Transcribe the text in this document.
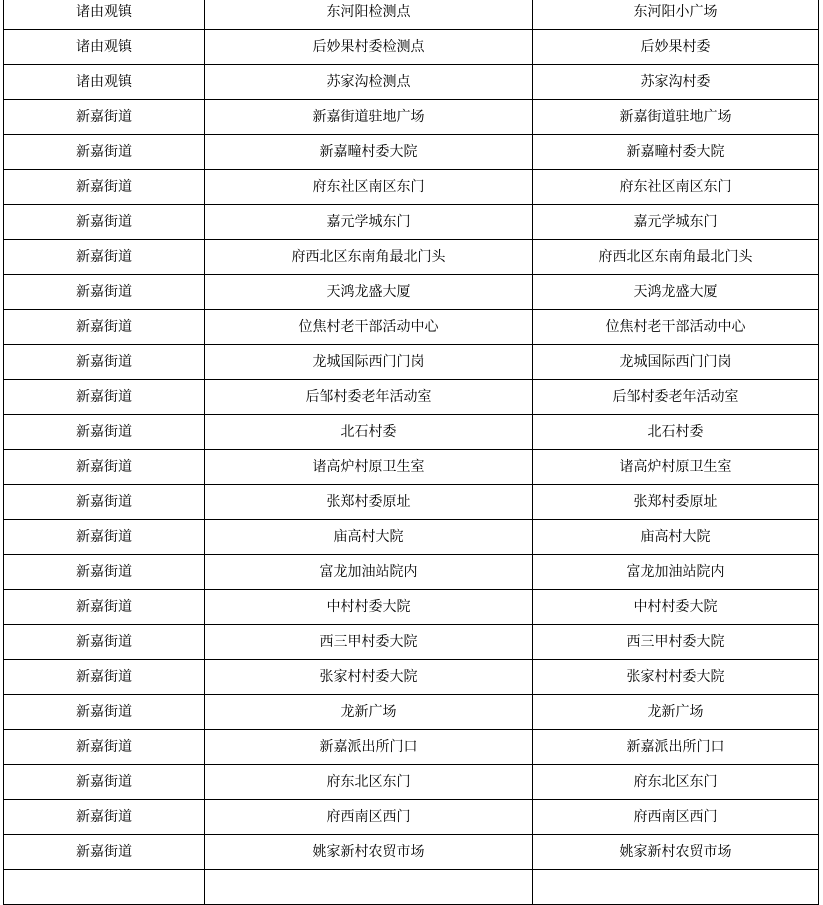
诸由观镇	东河阳检测点	东河阳小广场
诸由观镇	后妙果村委检测点	后妙果村委
诸由观镇	苏家沟检测点	苏家沟村委
新嘉街道	新嘉街道驻地广场	新嘉街道驻地广场
新嘉街道	新嘉疃村委大院	新嘉疃村委大院
新嘉街道	府东社区南区东门	府东社区南区东门
新嘉街道	嘉元学城东门	嘉元学城东门
新嘉街道	府西北区东南角最北门头	府西北区东南角最北门头
新嘉街道	天鸿龙盛大厦	天鸿龙盛大厦
新嘉街道	位焦村老干部活动中心	位焦村老干部活动中心
新嘉街道	龙城国际西门门岗	龙城国际西门门岗
新嘉街道	后邹村委老年活动室	后邹村委老年活动室
新嘉街道	北石村委	北石村委
新嘉街道	诸高炉村原卫生室	诸高炉村原卫生室
新嘉街道	张郑村委原址	张郑村委原址
新嘉街道	庙高村大院	庙高村大院
新嘉街道	富龙加油站院内	富龙加油站院内
新嘉街道	中村村委大院	中村村委大院
新嘉街道	西三甲村委大院	西三甲村委大院
新嘉街道	张家村村委大院	张家村村委大院
新嘉街道	龙新广场	龙新广场
新嘉街道	新嘉派出所门口	新嘉派出所门口
新嘉街道	府东北区东门	府东北区东门
新嘉街道	府西南区西门	府西南区西门
新嘉街道	姚家新村农贸市场	姚家新村农贸市场
